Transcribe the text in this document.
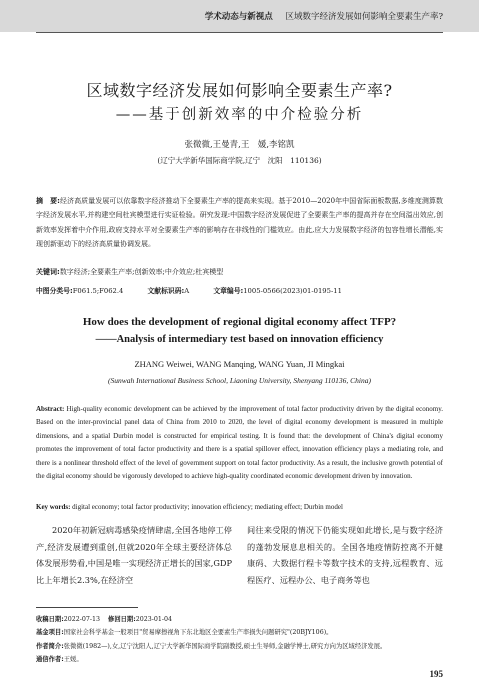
学术动态与新视点 区域数字经济发展如何影响全要素生产率?
区域数字经济发展如何影响全要素生产率?
——基于创新效率的中介检验分析
张微微,王曼青,王　媛,李铭凯
(辽宁大学新华国际商学院,辽宁　沈阳　110136)
摘　要:经济高质量发展可以依靠数字经济推动下全要素生产率的提高来实现。基于2010—2020年中国省际面板数据,多维度测算数字经济发展水平,并构建空间杜宾模型进行实证检验。研究发现:中国数字经济发展促进了全要素生产率的提高并存在空间溢出效应,创新效率发挥着中介作用,政府支持水平对全要素生产率的影响存在非线性的门槛效应。由此,应大力发展数字经济的包容性增长潜能,实现创新驱动下的经济高质量协调发展。
关键词:数字经济;全要素生产率;创新效率;中介效应;杜宾模型
中图分类号:F061.5;F062.4	文献标识码:A	文章编号:1005-0566(2023)01-0195-11
How does the development of regional digital economy affect TFP?
——Analysis of intermediary test based on innovation efficiency
ZHANG Weiwei, WANG Manqing, WANG Yuan, JI Mingkai
(Sunwah International Business School, Liaoning University, Shenyang 110136, China)
Abstract: High-quality economic development can be achieved by the improvement of total factor productivity driven by the digital economy. Based on the inter-provincial panel data of China from 2010 to 2020, the level of digital economy development is measured in multiple dimensions, and a spatial Durbin model is constructed for empirical testing. It is found that: the development of China's digital economy promotes the improvement of total factor productivity and there is a spatial spillover effect, innovation efficiency plays a mediating role, and there is a nonlinear threshold effect of the level of government support on total factor productivity. As a result, the inclusive growth potential of the digital economy should be vigorously developed to achieve high-quality coordinated economic development driven by innovation.
Key words: digital economy; total factor productivity; innovation efficiency; mediating effect; Durbin model
2020年初新冠病毒感染疫情肆虐,全国各地停工停产,经济发展遭到重创,但就2020年全球主要经济体总体发展形势看,中国是唯一实现经济正增长的国家,GDP比上年增长2.3%,在经济空
间往来受限的情况下仍能实现如此增长,是与数字经济的蓬勃发展息息相关的。全国各地疫情防控离不开健康码、大数据行程卡等数字技术的支持,远程教育、远程医疗、远程办公、电子商务等也
收稿日期:2022-07-13 修回日期:2023-01-04
基金项目:国家社会科学基金一般项目"贸易摩擦视角下东北地区全要素生产率损失问题研究"(20BJY106)。
作者简介:张微微(1982—),女,辽宁沈阳人,辽宁大学新华国际商学院副教授,硕士生导师,金融学博士,研究方向为区域经济发展。
通信作者:王媛。
195
